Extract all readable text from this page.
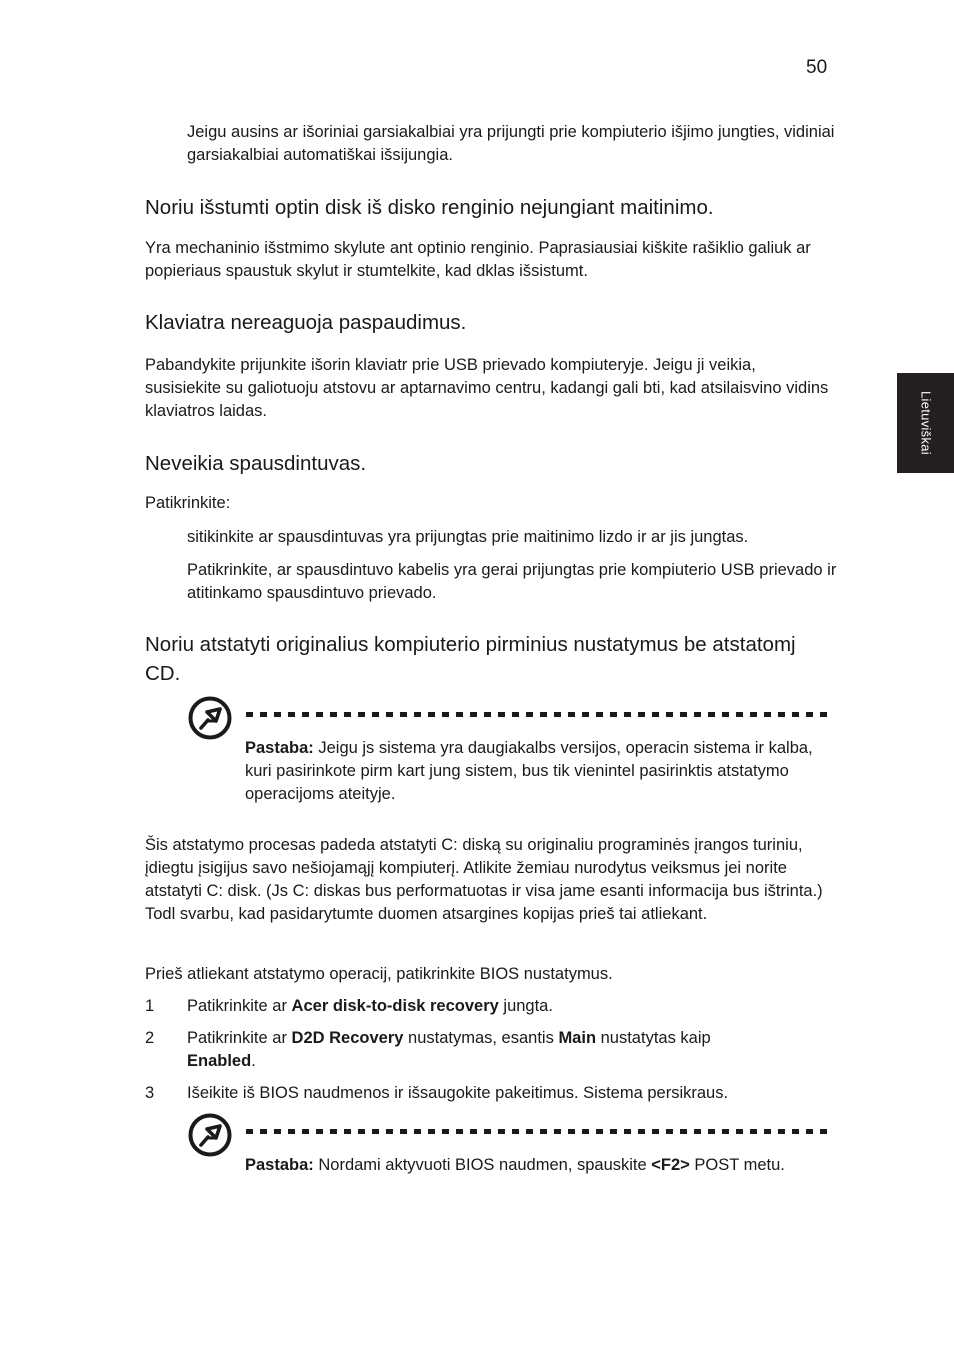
50
Lietuviškai
Jeigu ausins ar išoriniai garsiakalbiai yra prijungti prie kompiuterio išjimo jungties, vidiniai garsiakalbiai automatiškai išsijungia.
Noriu išstumti optin disk iš disko renginio nejungiant maitinimo.
Yra mechaninio išstmimo skylute ant optinio renginio. Paprasiausiai kiškite rašiklio galiuk ar popieriaus spaustuk skylut ir stumtelkite, kad dklas išsistumt.
Klaviatra nereaguoja paspaudimus.
Pabandykite prijunkite išorin klaviatr prie USB prievado kompiuteryje. Jeigu ji veikia, susisiekite su galiotuoju atstovu ar aptarnavimo centru, kadangi gali bti, kad atsilaisvino vidins klaviatros laidas.
Neveikia spausdintuvas.
Patikrinkite:
sitikinkite ar spausdintuvas yra prijungtas prie maitinimo lizdo ir ar jis jungtas.
Patikrinkite, ar spausdintuvo kabelis yra gerai prijungtas prie kompiuterio USB prievado ir atitinkamo spausdintuvo prievado.
Noriu atstatyti originalius kompiuterio pirminius nustatymus be atstatomj CD.
Pastaba: Jeigu js sistema yra daugiakalbs versijos, operacin sistema ir kalba, kuri pasirinkote pirm kart jung sistem, bus tik vienintel pasirinktis atstatymo operacijoms ateityje.
Šis atstatymo procesas padeda atstatyti C: diską su originaliu programinės įrangos turiniu, įdiegtu įsigijus savo nešiojamąjį kompiuterį. Atlikite žemiau nurodytus veiksmus jei norite atstatyti C: disk. (Js C: diskas bus performatuotas ir visa jame esanti informacija bus ištrinta.) Todl svarbu, kad pasidarytumte duomen atsargines kopijas prieš tai atliekant.
Prieš atliekant atstatymo operacij, patikrinkite BIOS nustatymus.
1 Patikrinkite ar Acer disk-to-disk recovery jungta.
2 Patikrinkite ar D2D Recovery nustatymas, esantis Main nustatytas kaip
Enabled.
3 Išeikite iš BIOS naudmenos ir išsaugokite pakeitimus. Sistema persikraus.
Pastaba: Nordami aktyvuoti BIOS naudmen, spauskite <F2> POST metu.
